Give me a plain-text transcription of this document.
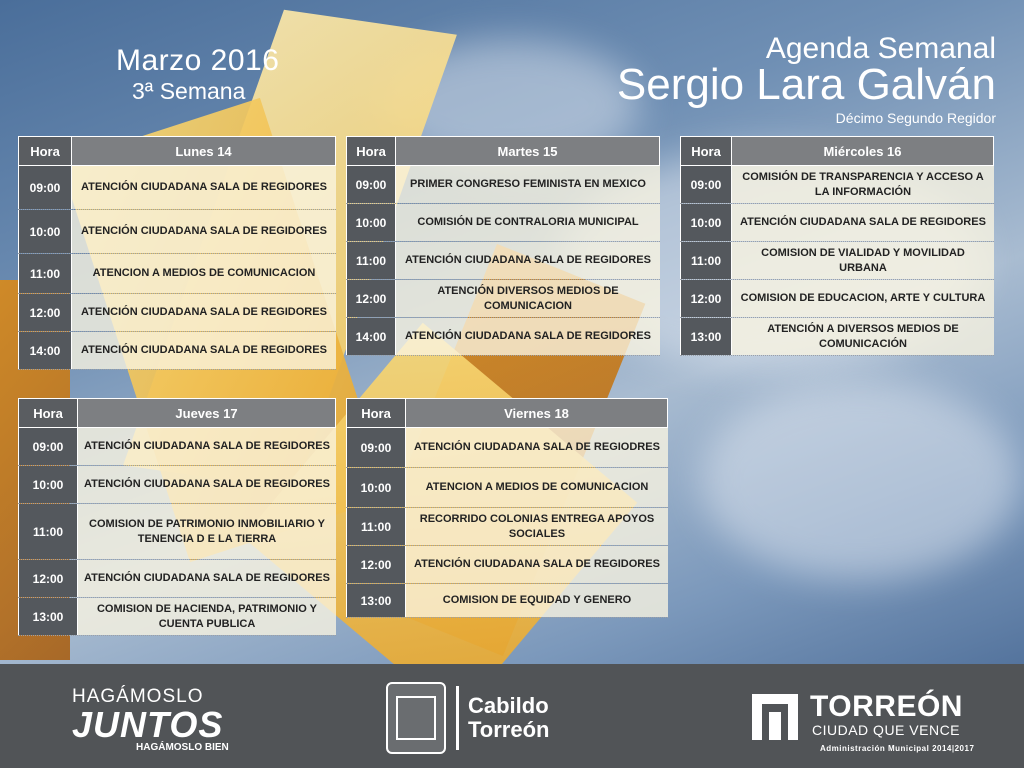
Marzo 2016
3ª Semana
Agenda Semanal
Sergio Lara Galván
Décimo Segundo Regidor
Hora	Lunes 14
09:00	ATENCIÓN CIUDADANA SALA DE REGIDORES
10:00	ATENCIÓN CIUDADANA SALA DE REGIDORES
11:00	ATENCION A MEDIOS DE COMUNICACION
12:00	ATENCIÓN CIUDADANA SALA DE REGIDORES
14:00	ATENCIÓN CIUDADANA SALA DE REGIDORES
Hora	Martes 15
09:00	PRIMER CONGRESO FEMINISTA EN MEXICO
10:00	COMISIÓN DE CONTRALORIA MUNICIPAL
11:00	ATENCIÓN CIUDADANA SALA DE REGIDORES
12:00
ATENCIÓN DIVERSOS MEDIOS DE COMUNICACION
14:00	ATENCIÓN CIUDADANA SALA DE REGIDORES
Hora	Miércoles 16
09:00
COMISIÓN DE TRANSPARENCIA Y ACCESO A LA INFORMACIÓN
10:00	ATENCIÓN CIUDADANA SALA DE REGIDORES
11:00
COMISION DE VIALIDAD Y MOVILIDAD URBANA
12:00	COMISION DE EDUCACION, ARTE Y CULTURA
13:00
ATENCIÓN A DIVERSOS MEDIOS DE COMUNICACIÓN
Hora	Jueves 17
09:00	ATENCIÓN CIUDADANA SALA DE REGIDORES
10:00	ATENCIÓN CIUDADANA SALA DE REGIDORES
11:00
COMISION DE PATRIMONIO INMOBILIARIO Y TENENCIA D E LA TIERRA
12:00	ATENCIÓN CIUDADANA SALA DE REGIDORES
13:00
COMISION DE HACIENDA, PATRIMONIO Y CUENTA PUBLICA
Hora	Viernes 18
09:00	ATENCIÓN CIUDADANA SALA DE REGIODRES
10:00	ATENCION A MEDIOS DE COMUNICACION
11:00
RECORRIDO COLONIAS ENTREGA APOYOS SOCIALES
12:00	ATENCIÓN CIUDADANA SALA DE REGIDORES
13:00	COMISION DE EQUIDAD Y GENERO
HAGÁMOSLO
JUNTOS
HAGÁMOSLO BIEN
Cabildo
Torreón
TORREÓN
CIUDAD QUE VENCE
Administración Municipal 2014|2017
